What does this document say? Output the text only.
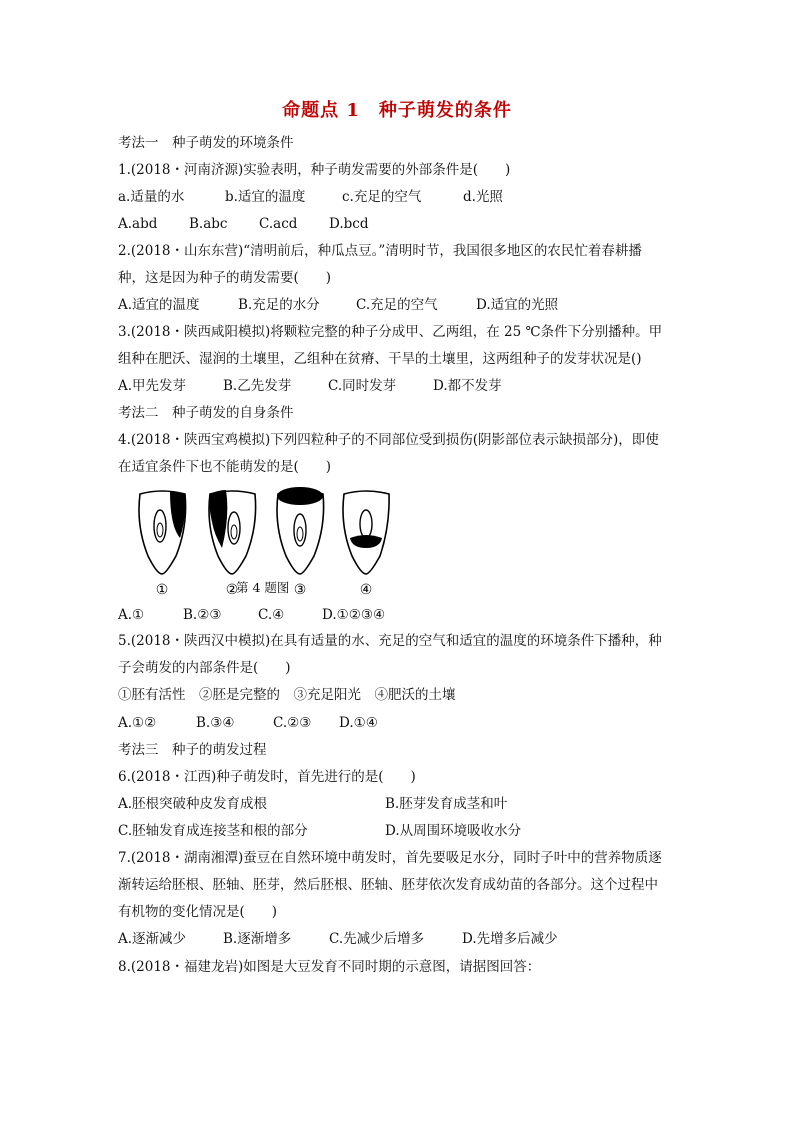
命题点 1　种子萌发的条件
考法一　种子萌发的环境条件
1.(2018・河南济源)实验表明，种子萌发需要的外部条件是(　　)
a.适量的水	b.适宜的温度	c.充足的空气	d.光照
A.abd B.abc C.acd D.bcd
2.(2018・山东东营)“清明前后，种瓜点豆。”清明时节，我国很多地区的农民忙着春耕播
种，这是因为种子的萌发需要(　　)
A.适宜的温度	B.充足的水分	C.充足的空气	D.适宜的光照
3.(2018・陕西咸阳模拟)将颗粒完整的种子分成甲、乙两组，在 25 ℃条件下分别播种。甲
组种在肥沃、湿润的土壤里，乙组种在贫瘠、干旱的土壤里，这两组种子的发芽状况是()
A.甲先发芽	B.乙先发芽	C.同时发芽	D.都不发芽
考法二　种子萌发的自身条件
4.(2018・陕西宝鸡模拟)下列四粒种子的不同部位受到损伤(阴影部位表示缺损部分)，即使
在适宜条件下也不能萌发的是(　　)
①	②	③	④
第 4 题图
A.①	B.②③	C.④	D.①②③④
5.(2018・陕西汉中模拟)在具有适量的水、充足的空气和适宜的温度的环境条件下播种，种
子会萌发的内部条件是(　　)
①胚有活性　②胚是完整的　③充足阳光　④肥沃的土壤
A.①②	B.③④	C.②③ D.①④
考法三　种子的萌发过程
6.(2018・江西)种子萌发时，首先进行的是(　　)
A.胚根突破种皮发育成根	B.胚芽发育成茎和叶
C.胚轴发育成连接茎和根的部分	D.从周围环境吸收水分
7.(2018・湖南湘潭)蚕豆在自然环境中萌发时，首先要吸足水分，同时子叶中的营养物质逐
渐转运给胚根、胚轴、胚芽，然后胚根、胚轴、胚芽依次发育成幼苗的各部分。这个过程中
有机物的变化情况是(　　)
A.逐渐减少	B.逐渐增多	C.先减少后增多	D.先增多后减少
8.(2018・福建龙岩)如图是大豆发育不同时期的示意图，请据图回答：
